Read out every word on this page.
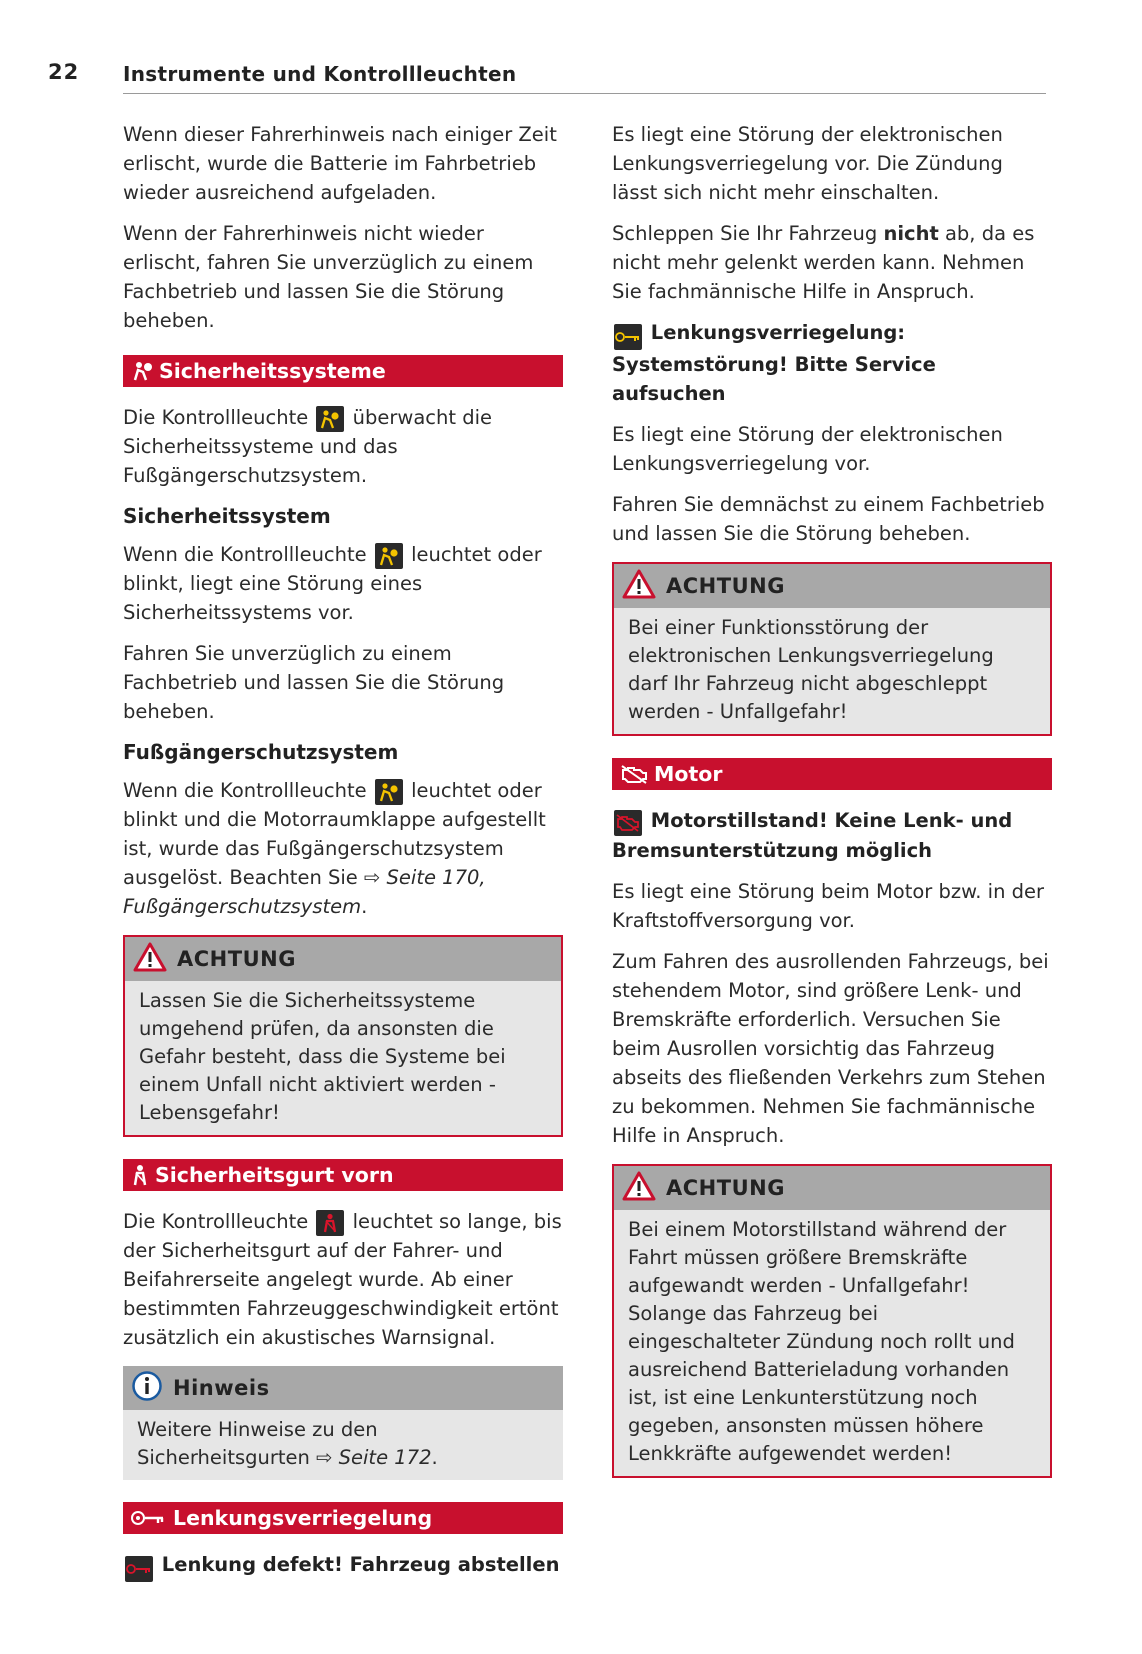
22 Instrumente und Kontrollleuchten

Wenn dieser Fahrerhinweis nach einiger Zeit erlischt, wurde die Batterie im Fahrbetrieb wieder ausreichend aufgeladen.

Wenn der Fahrerhinweis nicht wieder erlischt, fahren Sie unverzüglich zu einem Fachbetrieb und lassen Sie die Störung beheben.

Sicherheitssysteme

Die Kontrollleuchte überwacht die Sicherheitssysteme und das Fußgängerschutzsystem.

Sicherheitssystem

Wenn die Kontrollleuchte leuchtet oder blinkt, liegt eine Störung eines Sicherheitssystems vor.

Fahren Sie unverzüglich zu einem Fachbetrieb und lassen Sie die Störung beheben.

Fußgängerschutzsystem

Wenn die Kontrollleuchte leuchtet oder blinkt und die Motorraumklappe aufgestellt ist, wurde das Fußgängerschutzsystem ausgelöst. Beachten Sie ⇨ Seite 170, Fußgängerschutzsystem.

ACHTUNG
Lassen Sie die Sicherheitssysteme umgehend prüfen, da ansonsten die Gefahr besteht, dass die Systeme bei einem Unfall nicht aktiviert werden - Lebensgefahr!
Sicherheitsgurt vorn

Die Kontrollleuchte leuchtet so lange, bis der Sicherheitsgurt auf der Fahrer- und Beifahrerseite angelegt wurde. Ab einer bestimmten Fahrzeuggeschwindigkeit ertönt zusätzlich ein akustisches Warnsignal.

Hinweis
Weitere Hinweise zu den Sicherheitsgurten ⇨ Seite 172.
Lenkungsverriegelung
Lenkung defekt! Fahrzeug abstellen

Es liegt eine Störung der elektronischen Lenkungsverriegelung vor. Die Zündung lässt sich nicht mehr einschalten.

Schleppen Sie Ihr Fahrzeug nicht ab, da es nicht mehr gelenkt werden kann. Nehmen Sie fachmännische Hilfe in Anspruch.

Lenkungsverriegelung: Systemstörung! Bitte Service aufsuchen

Es liegt eine Störung der elektronischen Lenkungsverriegelung vor.

Fahren Sie demnächst zu einem Fachbetrieb und lassen Sie die Störung beheben.

ACHTUNG
Bei einer Funktionsstörung der elektronischen Lenkungsverriegelung darf Ihr Fahrzeug nicht abgeschleppt werden - Unfallgefahr!
Motor
Motorstillstand! Keine Lenk- und Bremsunterstützung möglich

Es liegt eine Störung beim Motor bzw. in der Kraftstoffversorgung vor.

Zum Fahren des ausrollenden Fahrzeugs, bei stehendem Motor, sind größere Lenk- und Bremskräfte erforderlich. Versuchen Sie beim Ausrollen vorsichtig das Fahrzeug abseits des fließenden Verkehrs zum Stehen zu bekommen. Nehmen Sie fachmännische Hilfe in Anspruch.

ACHTUNG
Bei einem Motorstillstand während der Fahrt müssen größere Bremskräfte aufgewandt werden - Unfallgefahr! Solange das Fahrzeug bei eingeschalteter Zündung noch rollt und ausreichend Batterieladung vorhanden ist, ist eine Lenkunterstützung noch gegeben, ansonsten müssen höhere Lenkkräfte aufgewendet werden!
